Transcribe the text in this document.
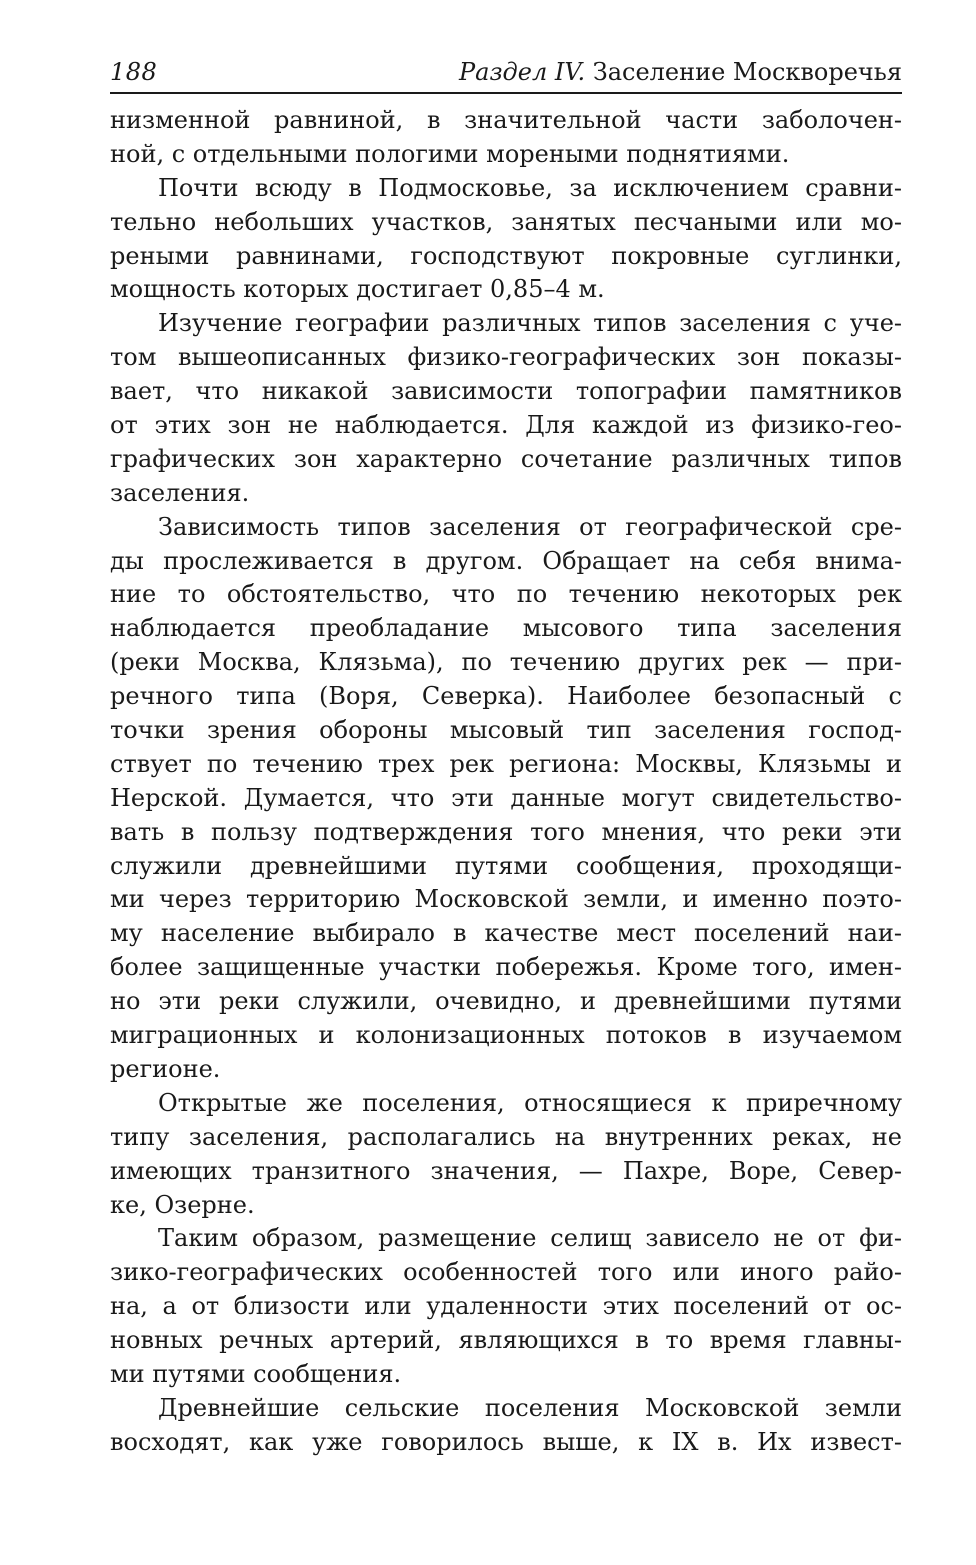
188	Раздел IV. Заселение Москворечья

низменной равниной, в значительной части заболочен-
ной, с отдельными пологими мореными поднятиями.

Почти всюду в Подмосковье, за исключением сравни-
тельно небольших участков, занятых песчаными или мо-
реными равнинами, господствуют покровные суглинки,
мощность которых достигает 0,85–4 м.

Изучение географии различных типов заселения с уче-
том вышеописанных физико-географических зон показы-
вает, что никакой зависимости топографии памятников
от этих зон не наблюдается. Для каждой из физико-гео-
графических зон характерно сочетание различных типов
заселения.

Зависимость типов заселения от географической сре-
ды прослеживается в другом. Обращает на себя внима-
ние то обстоятельство, что по течению некоторых рек
наблюдается преобладание мысового типа заселения
(реки Москва, Клязьма), по течению других рек — при-
речного типа (Воря, Северка). Наиболее безопасный с
точки зрения обороны мысовый тип заселения господ-
ствует по течению трех рек региона: Москвы, Клязьмы и
Нерской. Думается, что эти данные могут свидетельство-
вать в пользу подтверждения того мнения, что реки эти
служили древнейшими путями сообщения, проходящи-
ми через территорию Московской земли, и именно поэто-
му население выбирало в качестве мест поселений наи-
более защищенные участки побережья. Кроме того, имен-
но эти реки служили, очевидно, и древнейшими путями
миграционных и колонизационных потоков в изучаемом
регионе.

Открытые же поселения, относящиеся к приречному
типу заселения, располагались на внутренних реках, не
имеющих транзитного значения, — Пахре, Воре, Север-
ке, Озерне.

Таким образом, размещение селищ зависело не от фи-
зико-географических особенностей того или иного райо-
на, а от близости или удаленности этих поселений от ос-
новных речных артерий, являющихся в то время главны-
ми путями сообщения.

Древнейшие сельские поселения Московской земли
восходят, как уже говорилось выше, к IX в. Их извест-
